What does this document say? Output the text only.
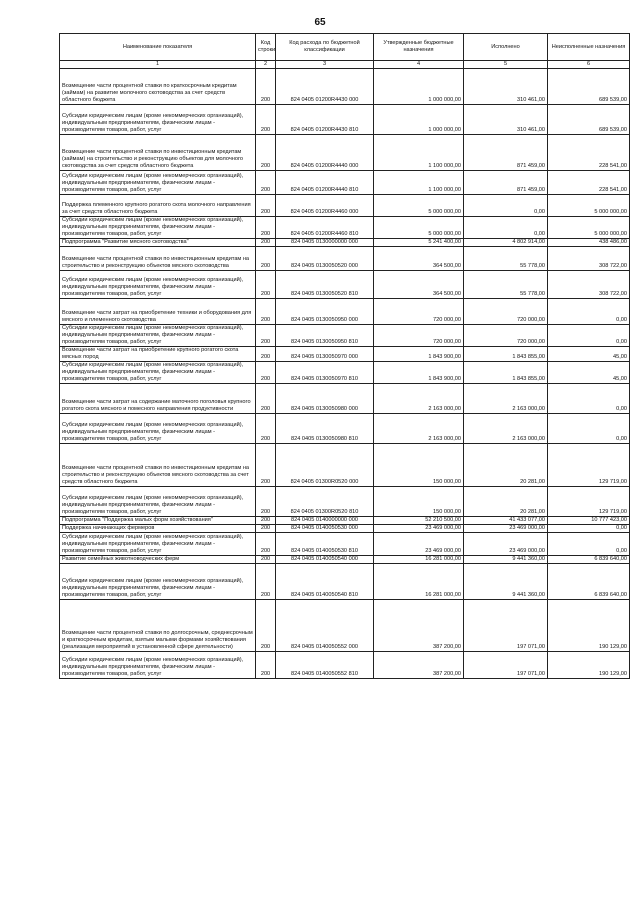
65
Наименование показателя	Код строки	Код расхода по бюджетной классификации	Утвержденные бюджетные назначения	Исполнено	Неисполненные назначения
1	2	3	4	5	6
Возмещение части процентной ставки по краткосрочным кредитам (займам) на развитие молочного скотоводства за счет средств областного бюджета	200	824 0405 01200R4430 000	1 000 000,00	310 461,00	689 539,00
Субсидии юридическим лицам (кроме некоммерческих организаций), индивидуальным предпринимателям, физическим лицам - производителям товаров, работ, услуг	200	824 0405 01200R4430 810	1 000 000,00	310 461,00	689 539,00
Возмещение части процентной ставки по инвестиционным кредитам (займам) на строительство и реконструкцию объектов для молочного скотоводства за счет средств областного бюджета	200	824 0405 01200R4440 000	1 100 000,00	871 459,00	228 541,00
Субсидии юридическим лицам (кроме некоммерческих организаций), индивидуальным предпринимателям, физическим лицам - производителям товаров, работ, услуг	200	824 0405 01200R4440 810	1 100 000,00	871 459,00	228 541,00
Поддержка племенного крупного рогатого скота молочного направления за счет средств областного бюджета	200	824 0405 01200R4460 000	5 000 000,00	0,00	5 000 000,00
Субсидии юридическим лицам (кроме некоммерческих организаций), индивидуальным предпринимателям, физическим лицам - производителям товаров, работ, услуг	200	824 0405 01200R4460 810	5 000 000,00	0,00	5 000 000,00
Подпрограмма "Развитие мясного скотоводства"	200	824 0405 0130000000 000	5 241 400,00	4 802 914,00	438 486,00
Возмещение части процентной ставки по инвестиционным кредитам на строительство и реконструкцию объектов мясного скотоводства	200	824 0405 0130050520 000	364 500,00	55 778,00	308 722,00
Субсидии юридическим лицам (кроме некоммерческих организаций), индивидуальным предпринимателям, физическим лицам - производителям товаров, работ, услуг	200	824 0405 0130050520 810	364 500,00	55 778,00	308 722,00
Возмещение части затрат на приобретение техники и оборудования для мясного и племенного скотоводства	200	824 0405 0130050950 000	720 000,00	720 000,00	0,00
Субсидии юридическим лицам (кроме некоммерческих организаций), индивидуальным предпринимателям, физическим лицам - производителям товаров, работ, услуг	200	824 0405 0130050950 810	720 000,00	720 000,00	0,00
Возмещение части затрат на приобретение крупного рогатого скота мясных пород	200	824 0405 0130050970 000	1 843 900,00	1 843 855,00	45,00
Субсидии юридическим лицам (кроме некоммерческих организаций), индивидуальным предпринимателям, физическим лицам - производителям товаров, работ, услуг	200	824 0405 0130050970 810	1 843 900,00	1 843 855,00	45,00
Возмещение части затрат на содержание маточного поголовья крупного рогатого скота мясного и помесного направления продуктивности	200	824 0405 0130050980 000	2 163 000,00	2 163 000,00	0,00
Субсидии юридическим лицам (кроме некоммерческих организаций), индивидуальным предпринимателям, физическим лицам - производителям товаров, работ, услуг	200	824 0405 0130050980 810	2 163 000,00	2 163 000,00	0,00
Возмещение части процентной ставки по инвестиционным кредитам на строительство и реконструкцию объектов мясного скотоводства за счет средств областного бюджета	200	824 0405 01300R0520 000	150 000,00	20 281,00	129 719,00
Субсидии юридическим лицам (кроме некоммерческих организаций), индивидуальным предпринимателям, физическим лицам - производителям товаров, работ, услуг	200	824 0405 01300R0520 810	150 000,00	20 281,00	129 719,00
Подпрограмма "Поддержка малых форм хозяйствования"	200	824 0405 0140000000 000	52 210 500,00	41 433 077,00	10 777 423,00
Поддержка начинающих фермеров	200	824 0405 0140050530 000	23 469 000,00	23 469 000,00	0,00
Субсидии юридическим лицам (кроме некоммерческих организаций), индивидуальным предпринимателям, физическим лицам - производителям товаров, работ, услуг	200	824 0405 0140050530 810	23 469 000,00	23 469 000,00	0,00
Развитие семейных животноводческих ферм	200	824 0405 0140050540 000	16 281 000,00	9 441 360,00	6 839 640,00
Субсидии юридическим лицам (кроме некоммерческих организаций), индивидуальным предпринимателям, физическим лицам - производителям товаров, работ, услуг	200	824 0405 0140050540 810	16 281 000,00	9 441 360,00	6 839 640,00
Возмещение части процентной ставки по долгосрочным, среднесрочным и краткосрочным кредитам, взятым малыми формами хозяйствования (реализация мероприятий в установленной сфере деятельности)	200	824 0405 0140050552 000	387 200,00	197 071,00	190 129,00
Субсидии юридическим лицам (кроме некоммерческих организаций), индивидуальным предпринимателям, физическим лицам - производителям товаров, работ, услуг	200	824 0405 0140050552 810	387 200,00	197 071,00	190 129,00
